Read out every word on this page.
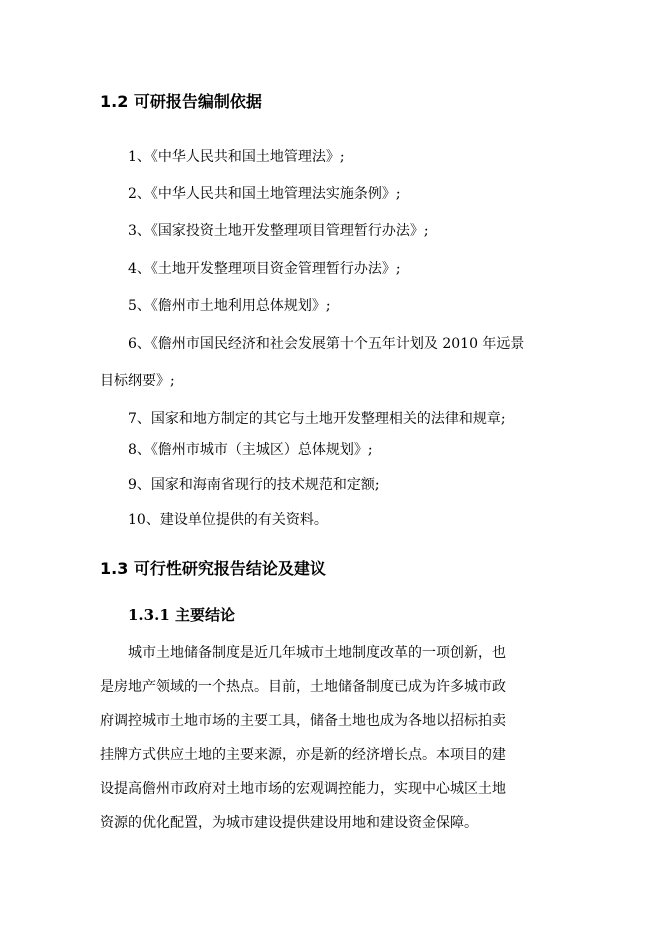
1.2 可研报告编制依据
1、《中华人民共和国土地管理法》;
2、《中华人民共和国土地管理法实施条例》;
3、《国家投资土地开发整理项目管理暂行办法》;
4、《土地开发整理项目资金管理暂行办法》;
5、《儋州市土地利用总体规划》;
6、《儋州市国民经济和社会发展第十个五年计划及 2010 年远景
目标纲要》;
7、国家和地方制定的其它与土地开发整理相关的法律和规章;
8、《儋州市城市（主城区）总体规划》;
9、国家和海南省现行的技术规范和定额;
10、建设单位提供的有关资料。
1.3 可行性研究报告结论及建议
1.3.1 主要结论
城市土地储备制度是近几年城市土地制度改革的一项创新，也
是房地产领域的一个热点。目前，土地储备制度已成为许多城市政
府调控城市土地市场的主要工具，储备土地也成为各地以招标拍卖
挂牌方式供应土地的主要来源，亦是新的经济增长点。本项目的建
设提高儋州市政府对土地市场的宏观调控能力，实现中心城区土地
资源的优化配置，为城市建设提供建设用地和建设资金保障。
